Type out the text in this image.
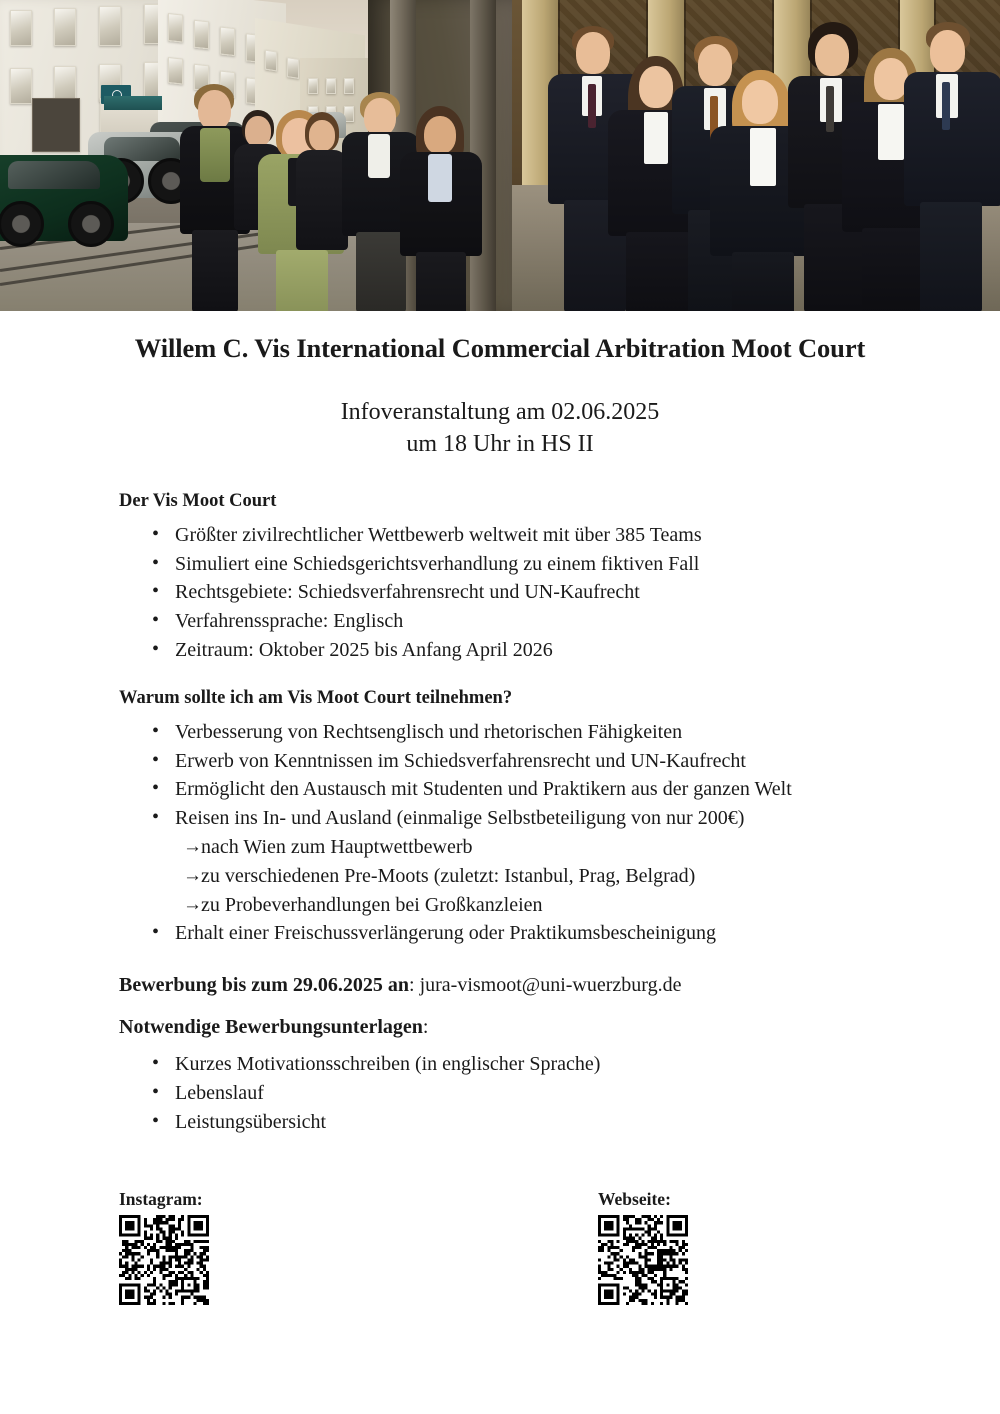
Willem C. Vis International Commercial Arbitration Moot Court
Infoveranstaltung am 02.06.2025
um 18 Uhr in HS II
Der Vis Moot Court
• Größter zivilrechtlicher Wettbewerb weltweit mit über 385 Teams
• Simuliert eine Schiedsgerichtsverhandlung zu einem fiktiven Fall
• Rechtsgebiete: Schiedsverfahrensrecht und UN-Kaufrecht
• Verfahrenssprache: Englisch
• Zeitraum: Oktober 2025 bis Anfang April 2026
Warum sollte ich am Vis Moot Court teilnehmen?
• Verbesserung von Rechtsenglisch und rhetorischen Fähigkeiten
• Erwerb von Kenntnissen im Schiedsverfahrensrecht und UN-Kaufrecht
• Ermöglicht den Austausch mit Studenten und Praktikern aus der ganzen Welt
• Reisen ins In- und Ausland (einmalige Selbstbeteiligung von nur 200€)
→ nach Wien zum Hauptwettbewerb
→ zu verschiedenen Pre-Moots (zuletzt: Istanbul, Prag, Belgrad)
→ zu Probeverhandlungen bei Großkanzleien
• Erhalt einer Freischussverlängerung oder Praktikumsbescheinigung
Bewerbung bis zum 29.06.2025 an: jura-vismoot@uni-wuerzburg.de
Notwendige Bewerbungsunterlagen:
• Kurzes Motivationsschreiben (in englischer Sprache)
• Lebenslauf
• Leistungsübersicht
Instagram:	Webseite:
